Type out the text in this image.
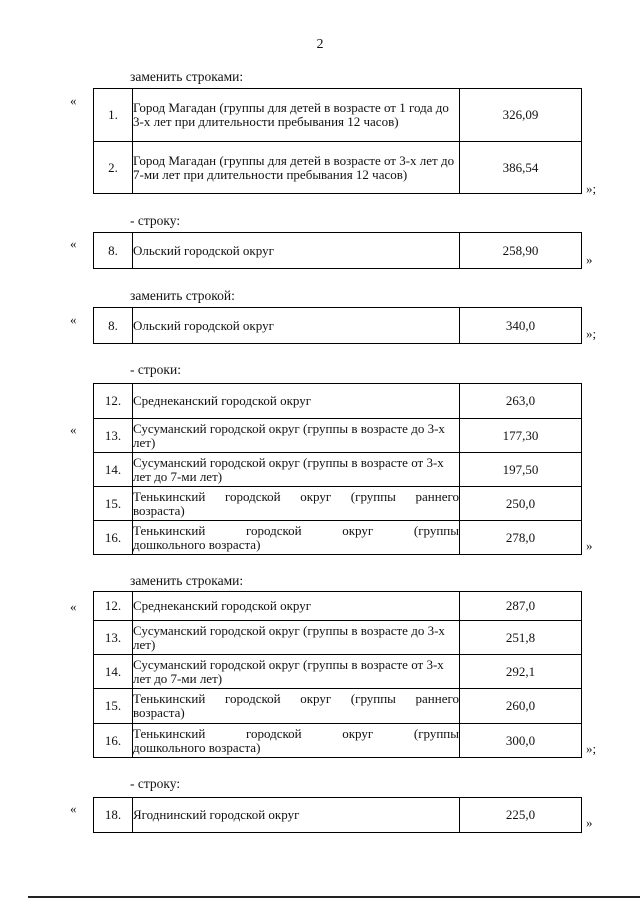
2
заменить строками:
«
1.	Город Магадан (группы для детей в возрасте от 1 года до 3-х лет при длительности пребывания 12 часов)	326,09
2.	Город Магадан (группы для детей в возрасте от 3-х лет до 7-ми лет при длительности пребывания 12 часов)	386,54
»;
- строку:
« 8.	Ольский городской округ	258,90
»
заменить строкой:
« 8.	Ольский городской округ	340,0
»;
- строки:
«
12.	Среднеканский городской округ	263,0
13.	Сусуманский городской округ (группы в возрасте до 3-х лет)	177,30
14.	Сусуманский городской округ (группы в возрасте от 3-х лет до 7-ми лет)	197,50
15.	Тенькинский городской округ (группы раннего
возраста)	250,0
16.	Тенькинский городской округ (группы
дошкольного возраста)	278,0
»
заменить строками:
« 12.	Среднеканский городской округ	287,0
13.	Сусуманский городской округ (группы в возрасте до 3-х лет)	251,8
14.	Сусуманский городской округ (группы в возрасте от 3-х лет до 7-ми лет)	292,1
15.	Тенькинский городской округ (группы раннего
возраста)	260,0
16.	Тенькинский городской округ (группы
дошкольного возраста)	300,0
»;
- строку:
« 18.	Ягоднинский городской округ	225,0
»
